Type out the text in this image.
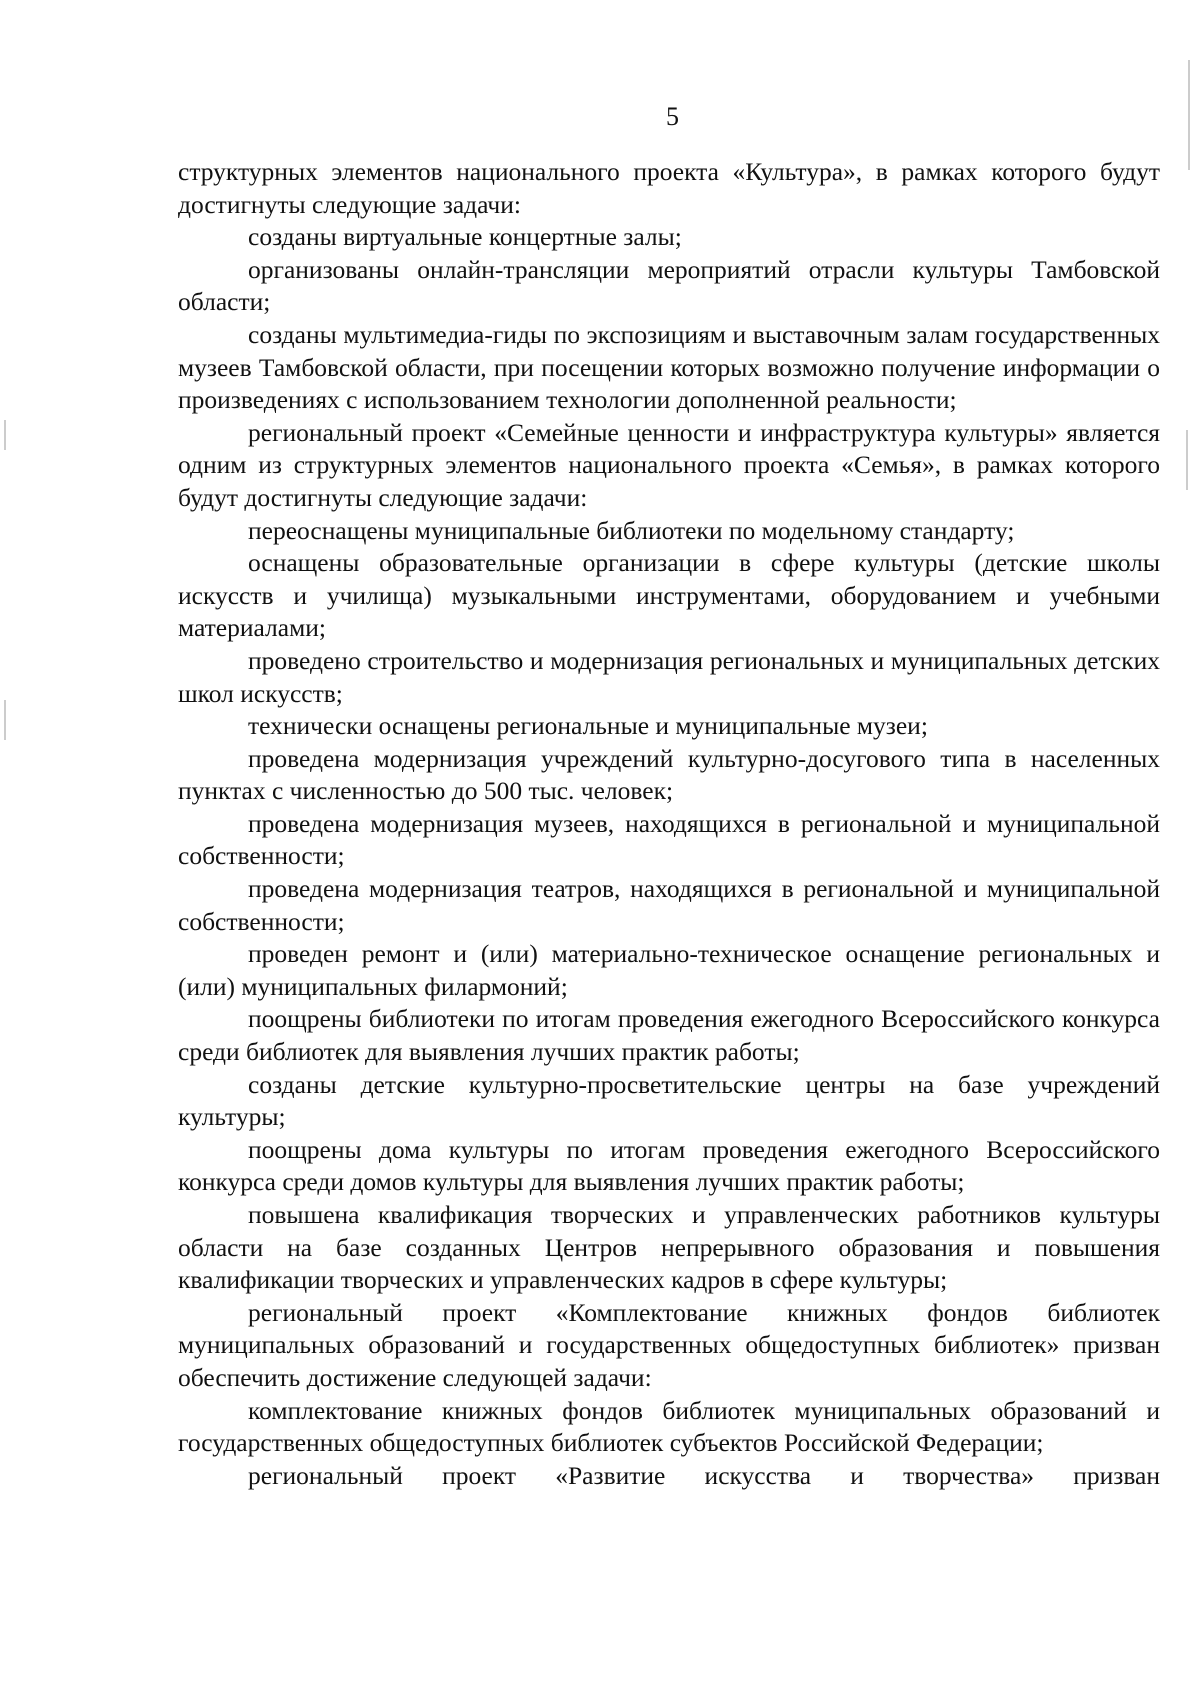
5

структурных элементов национального проекта «Культура», в рамках которого будут достигнуты следующие задачи:

созданы виртуальные концертные залы;

организованы онлайн-трансляции мероприятий отрасли культуры Тамбовской области;

созданы мультимедиа-гиды по экспозициям и выставочным залам государственных музеев Тамбовской области, при посещении которых возможно получение информации о произведениях с использованием технологии дополненной реальности;

региональный проект «Семейные ценности и инфраструктура культуры» является одним из структурных элементов национального проекта «Семья», в рамках которого будут достигнуты следующие задачи:

переоснащены муниципальные библиотеки по модельному стандарту;

оснащены образовательные организации в сфере культуры (детские школы искусств и училища) музыкальными инструментами, оборудованием и учебными материалами;

проведено строительство и модернизация региональных и муниципальных детских школ искусств;

технически оснащены региональные и муниципальные музеи;

проведена модернизация учреждений культурно-досугового типа в населенных пунктах с численностью до 500 тыс. человек;

проведена модернизация музеев, находящихся в региональной и муниципальной собственности;

проведена модернизация театров, находящихся в региональной и муниципальной собственности;

проведен ремонт и (или) материально-техническое оснащение региональных и (или) муниципальных филармоний;

поощрены библиотеки по итогам проведения ежегодного Всероссийского конкурса среди библиотек для выявления лучших практик работы;

созданы детские культурно-просветительские центры на базе учреждений культуры;

поощрены дома культуры по итогам проведения ежегодного Всероссийского конкурса среди домов культуры для выявления лучших практик работы;

повышена квалификация творческих и управленческих работников культуры области на базе созданных Центров непрерывного образования и повышения квалификации творческих и управленческих кадров в сфере культуры;

региональный проект «Комплектование книжных фондов библиотек муниципальных образований и государственных общедоступных библиотек» призван обеспечить достижение следующей задачи:

комплектование книжных фондов библиотек муниципальных образований и государственных общедоступных библиотек субъектов Российской Федерации;

региональный проект «Развитие искусства и творчества» призван
